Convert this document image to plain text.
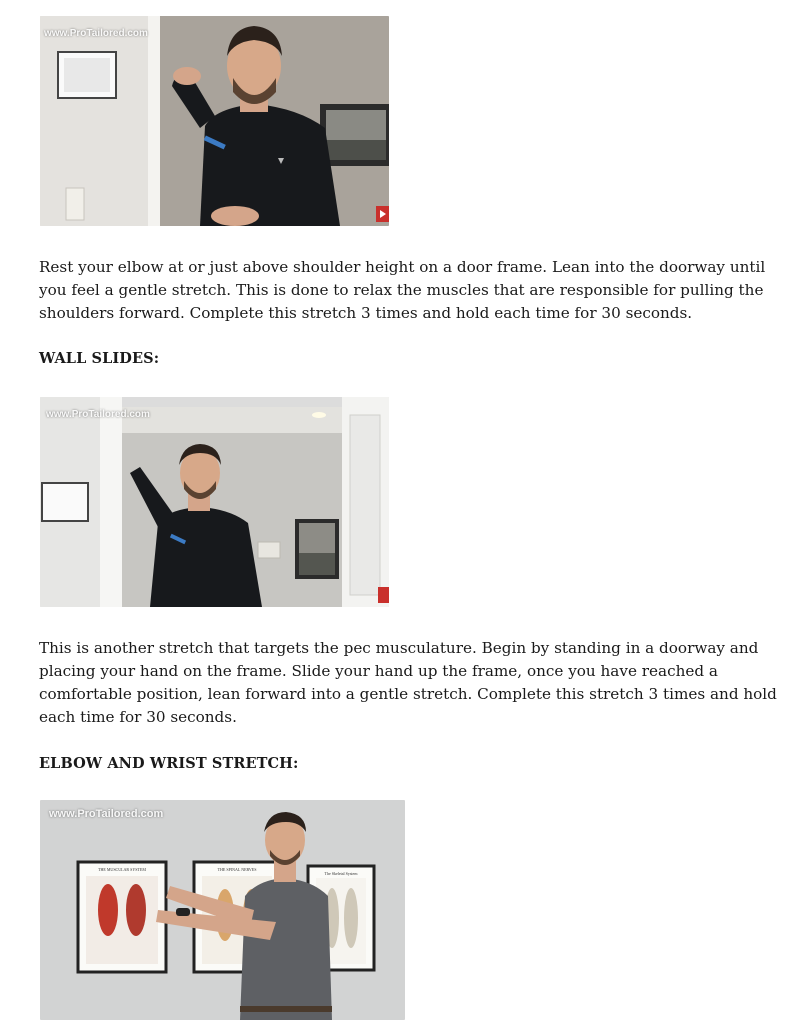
www.ProTailored.com

Rest your elbow at or just above shoulder height on a door frame. Lean into the doorway until you feel a gentle stretch. This is done to relax the muscles that are responsible for pulling the shoulders forward. Complete this stretch 3 times and hold each time for 30 seconds.

WALL SLIDES:

www.ProTailored.com

This is another stretch that targets the pec musculature. Begin by standing in a doorway and placing your hand on the frame. Slide your hand up the frame, once you have reached a comfortable position, lean forward into a gentle stretch. Complete this stretch 3 times and hold each time for 30 seconds.

ELBOW AND WRIST STRETCH:

THE MUSCULAR SYSTEM	THE SPINAL NERVES
The Skeletal System
www.ProTailored.com
